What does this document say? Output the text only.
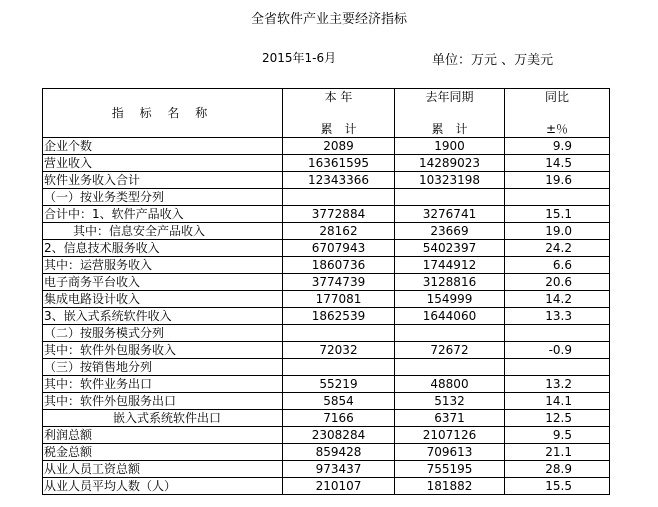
全省软件产业主要经济指标
2015年1-6月	单位：万元 、万美元
指 标 名 称	本 年	去年同期	同比

	累　计	累　计	±％
企业个数	2089	1900	9.9
营业收入	16361595	14289023	14.5
软件业务收入合计	12343366	10323198	19.6
（一）按业务类型分列			
合计中：1、软件产品收入	3772884	3276741	15.1
其中：信息安全产品收入	28162	23669	19.0
2、信息技术服务收入	6707943	5402397	24.2
其中：运营服务收入	1860736	1744912	6.6
电子商务平台收入	3774739	3128816	20.6
集成电路设计收入	177081	154999	14.2
3、嵌入式系统软件收入	1862539	1644060	13.3
（二）按服务模式分列			
其中：软件外包服务收入	72032	72672	-0.9
（三）按销售地分列			
其中：软件业务出口	55219	48800	13.2
其中：软件外包服务出口	5854	5132	14.1
嵌入式系统软件出口	7166	6371	12.5
利润总额	2308284	2107126	9.5
税金总额	859428	709613	21.1
从业人员工资总额	973437	755195	28.9
从业人员平均人数（人）	210107	181882	15.5
